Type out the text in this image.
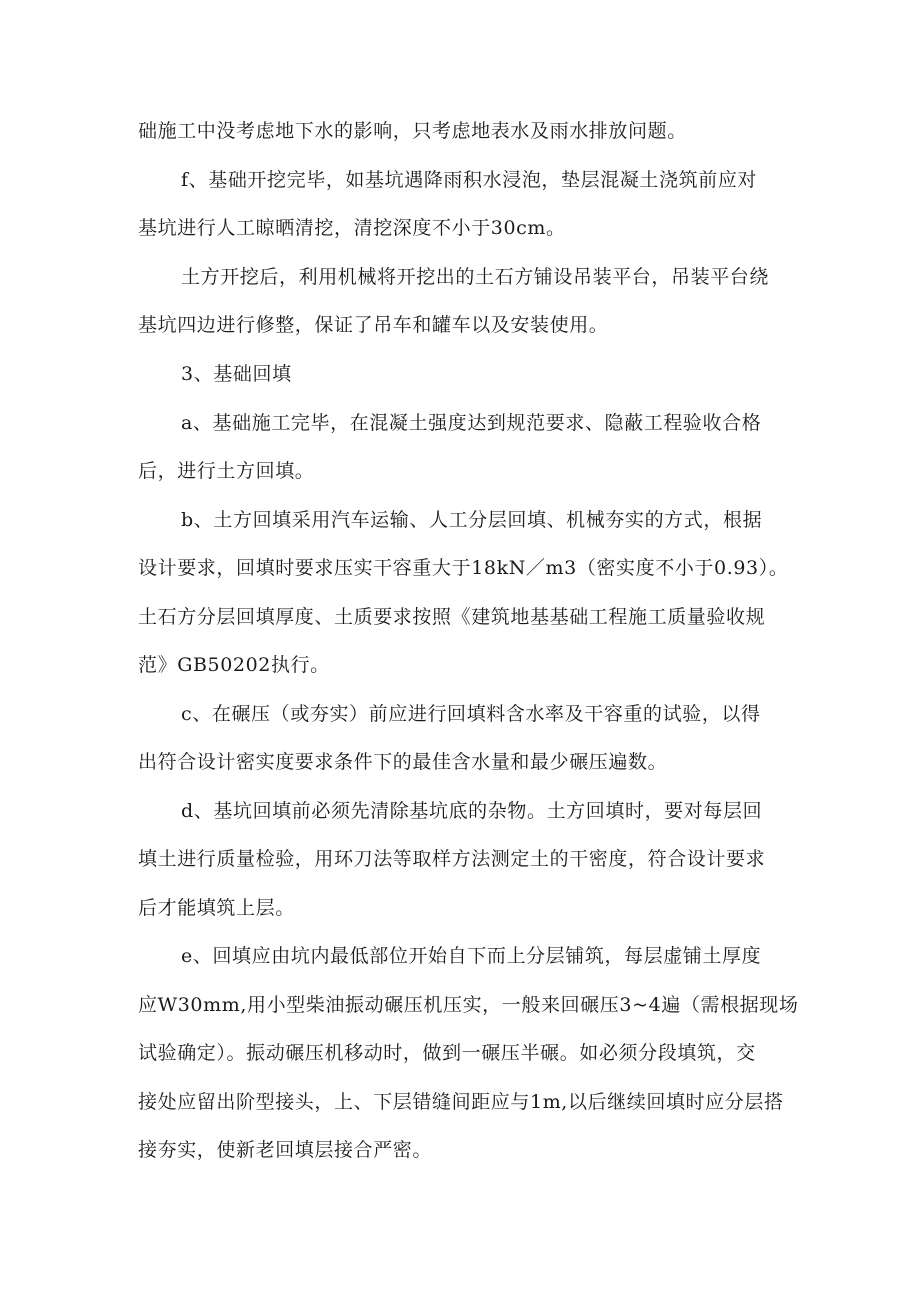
础施工中没考虑地下水的影响，只考虑地表水及雨水排放问题。
f、基础开挖完毕，如基坑遇降雨积水浸泡，垫层混凝土浇筑前应对
基坑进行人工晾晒清挖，清挖深度不小于30cm。
土方开挖后，利用机械将开挖出的土石方铺设吊装平台，吊装平台绕
基坑四边进行修整，保证了吊车和罐车以及安装使用。
3、基础回填
a、基础施工完毕，在混凝土强度达到规范要求、隐蔽工程验收合格
后，进行土方回填。
b、土方回填采用汽车运输、人工分层回填、机械夯实的方式，根据
设计要求，回填时要求压实干容重大于18kN／m3（密实度不小于0.93）。
土石方分层回填厚度、土质要求按照《建筑地基基础工程施工质量验收规
范》GB50202执行。
c、在碾压（或夯实）前应进行回填料含水率及干容重的试验，以得
出符合设计密实度要求条件下的最佳含水量和最少碾压遍数。
d、基坑回填前必须先清除基坑底的杂物。土方回填时，要对每层回
填土进行质量检验，用环刀法等取样方法测定土的干密度，符合设计要求
后才能填筑上层。
e、回填应由坑内最低部位开始自下而上分层铺筑，每层虚铺土厚度
应W30mm,用小型柴油振动碾压机压实，一般来回碾压3~4遍（需根据现场
试验确定）。振动碾压机移动时，做到一碾压半碾。如必须分段填筑，交
接处应留出阶型接头，上、下层错缝间距应与1m,以后继续回填时应分层搭
接夯实，使新老回填层接合严密。
